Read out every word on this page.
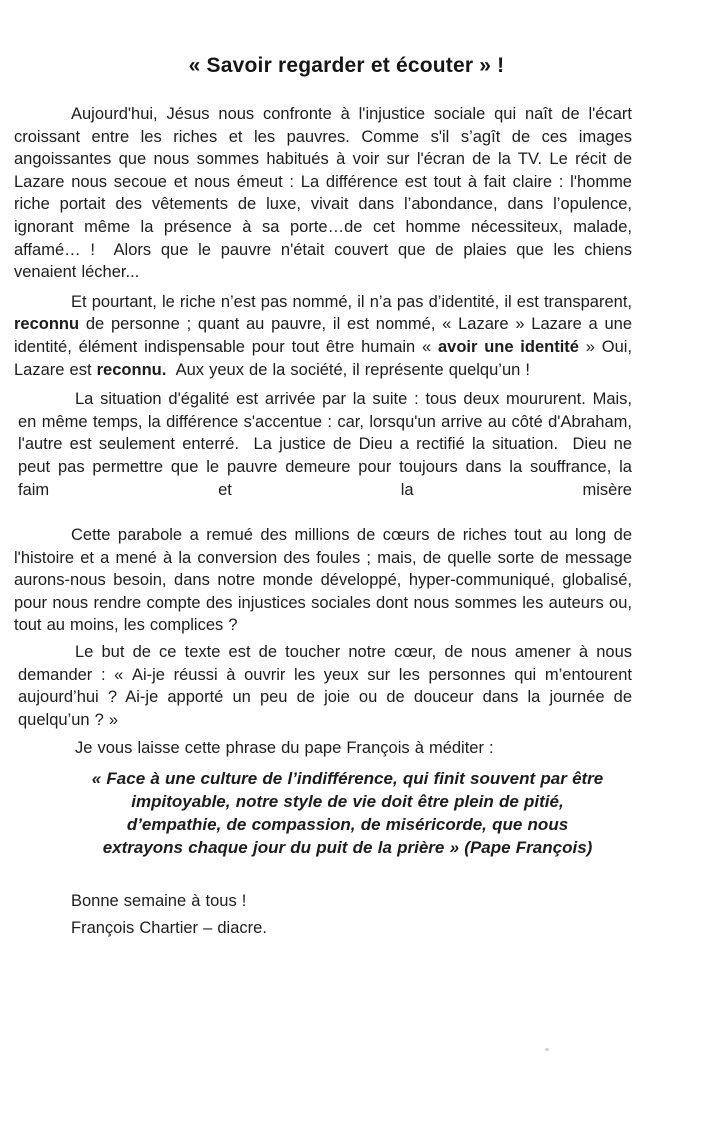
« Savoir regarder et écouter » !

Aujourd'hui, Jésus nous confronte à l'injustice sociale qui naît de l'écart croissant entre les riches et les pauvres. Comme s'il s’agît de ces images angoissantes que nous sommes habitués à voir sur l'écran de la TV. Le récit de Lazare nous secoue et nous émeut : La différence est tout à fait claire : l'homme riche portait des vêtements de luxe, vivait dans l’abondance, dans l’opulence, ignorant même la présence à sa porte…de cet homme nécessiteux, malade, affamé… !  Alors que le pauvre n'était couvert que de plaies que les chiens venaient lécher...

Et pourtant, le riche n’est pas nommé, il n’a pas d’identité, il est transparent, reconnu de personne ; quant au pauvre, il est nommé, « Lazare » Lazare a une identité, élément indispensable pour tout être humain « avoir une identité » Oui, Lazare est reconnu.  Aux yeux de la société, il représente quelqu’un !

La situation d'égalité est arrivée par la suite : tous deux moururent. Mais, en même temps, la différence s'accentue : car, lorsqu'un arrive au côté d'Abraham, l'autre est seulement enterré.  La justice de Dieu a rectifié la situation.  Dieu ne peut pas permettre que le pauvre demeure pour toujours dans la souffrance, la faim et la misère

Cette parabole a remué des millions de cœurs de riches tout au long de l'histoire et a mené à la conversion des foules ; mais, de quelle sorte de message aurons-nous besoin, dans notre monde développé, hyper-communiqué, globalisé, pour nous rendre compte des injustices sociales dont nous sommes les auteurs ou, tout au moins, les complices ?

Le but de ce texte est de toucher notre cœur, de nous amener à nous demander : « Ai-je réussi à ouvrir les yeux sur les personnes qui m’entourent aujourd’hui ? Ai-je apporté un peu de joie ou de douceur dans la journée de quelqu’un ? »

Je vous laisse cette phrase du pape François à méditer :

« Face à une culture de l’indifférence, qui finit souvent par être impitoyable, notre style de vie doit être plein de pitié, d’empathie, de compassion, de miséricorde, que nous extrayons chaque jour du puit de la prière » (Pape François)

Bonne semaine à tous !

François Chartier – diacre.
